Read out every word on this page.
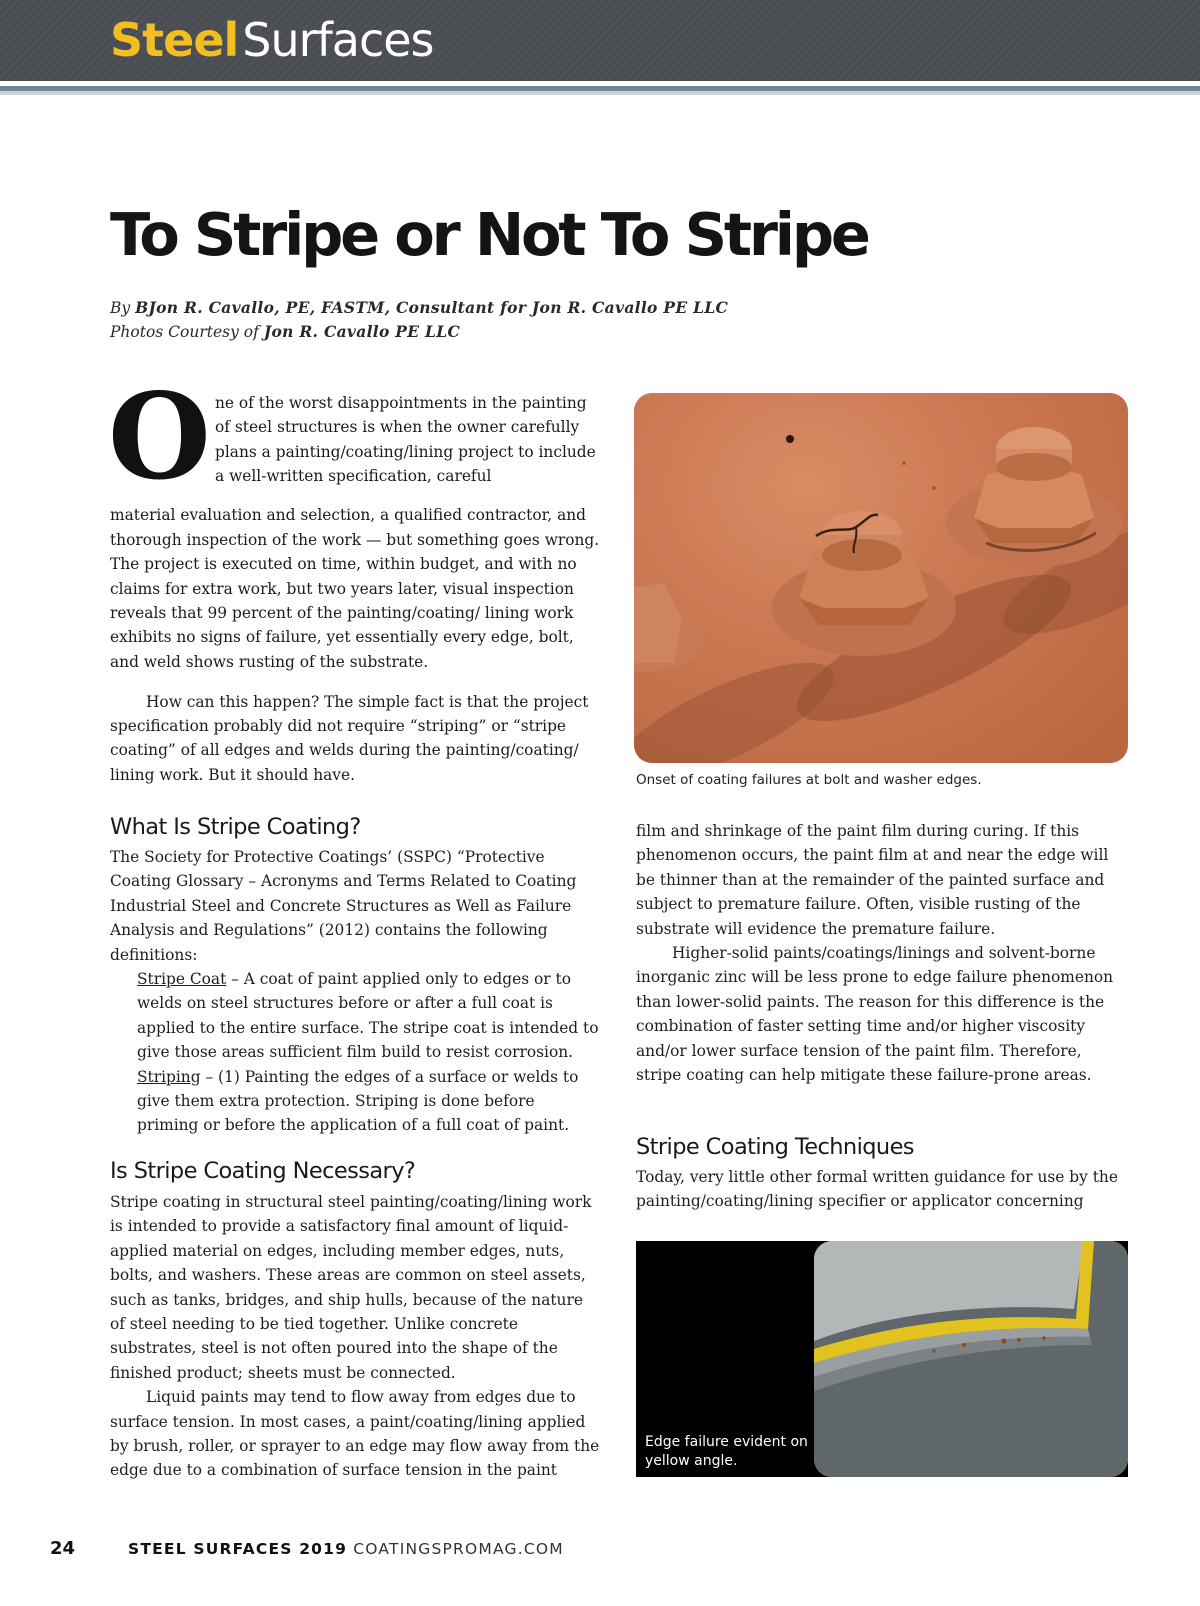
SteelSurfaces
To Stripe or Not To Stripe
By BJon R. Cavallo, PE, FASTM, Consultant for Jon R. Cavallo PE LLC
Photos Courtesy of Jon R. Cavallo PE LLC
O ne of the worst disappointments in the painting of steel structures is when the owner carefully plans a painting/coating/lining project to include a well-written specification, careful

material evaluation and selection, a qualified contractor, and thorough inspection of the work — but something goes wrong. The project is executed on time, within budget, and with no claims for extra work, but two years later, visual inspection reveals that 99 percent of the painting/coating/ lining work exhibits no signs of failure, yet essentially every edge, bolt, and weld shows rusting of the substrate.

How can this happen? The simple fact is that the project specification probably did not require “striping” or “stripe coating” of all edges and welds during the painting/coating/ lining work. But it should have.

What Is Stripe Coating?

The Society for Protective Coatings’ (SSPC) “Protective Coating Glossary – Acronyms and Terms Related to Coating Industrial Steel and Concrete Structures as Well as Failure Analysis and Regulations” (2012) contains the following definitions:

Stripe Coat – A coat of paint applied only to edges or to welds on steel structures before or after a full coat is applied to the entire surface. The stripe coat is intended to give those areas sufficient film build to resist corrosion.

Striping – (1) Painting the edges of a surface or welds to give them extra protection. Striping is done before priming or before the application of a full coat of paint.

Is Stripe Coating Necessary?

Stripe coating in structural steel painting/coating/lining work is intended to provide a satisfactory final amount of liquid-applied material on edges, including member edges, nuts, bolts, and washers. These areas are common on steel assets, such as tanks, bridges, and ship hulls, because of the nature of steel needing to be tied together. Unlike concrete substrates, steel is not often poured into the shape of the finished product; sheets must be connected.

Liquid paints may tend to flow away from edges due to surface tension. In most cases, a paint/coating/lining applied by brush, roller, or sprayer to an edge may flow away from the edge due to a combination of surface tension in the paint

Onset of coating failures at bolt and washer edges.

film and shrinkage of the paint film during curing. If this phenomenon occurs, the paint film at and near the edge will be thinner than at the remainder of the painted surface and subject to premature failure. Often, visible rusting of the substrate will evidence the premature failure.

Higher-solid paints/coatings/linings and solvent-borne inorganic zinc will be less prone to edge failure phenomenon than lower-solid paints. The reason for this difference is the combination of faster setting time and/or higher viscosity and/or lower surface tension of the paint film. Therefore, stripe coating can help mitigate these failure-prone areas.

Stripe Coating Techniques

Today, very little other formal written guidance for use by the painting/coating/lining specifier or applicator concerning

Edge failure evident on yellow angle.
24	STEEL SURFACES 2019 COATINGSPROMAG.COM
